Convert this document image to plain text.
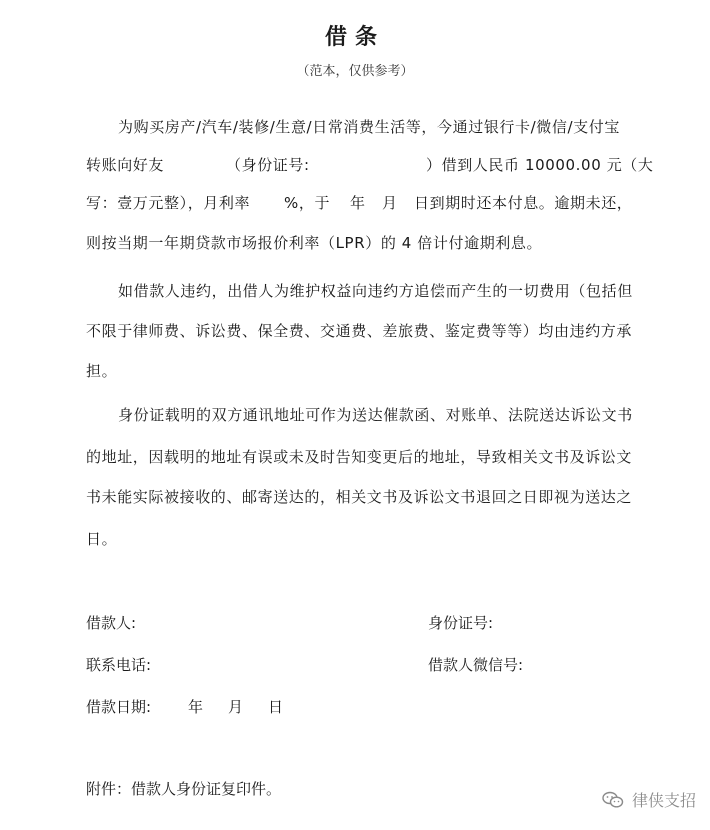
借条
（范本，仅供参考）
为购买房产/汽车/装修/生意/日常消费生活等，今通过银行卡/微信/支付宝
转账向好友	（身份证号:	）借到人民币 10000.00 元（大
写：壹万元整），月利率 %，于 年 月 日到期时还本付息。逾期未还，
则按当期一年期贷款市场报价利率（LPR）的 4 倍计付逾期利息。
如借款人违约，出借人为维护权益向违约方追偿而产生的一切费用（包括但
不限于律师费、诉讼费、保全费、交通费、差旅费、鉴定费等等）均由违约方承
担。
身份证载明的双方通讯地址可作为送达催款函、对账单、法院送达诉讼文书
的地址，因载明的地址有误或未及时告知变更后的地址，导致相关文书及诉讼文
书未能实际被接收的、邮寄送达的，相关文书及诉讼文书退回之日即视为送达之
日。
借款人:	身份证号:
联系电话:	借款人微信号:
借款日期: 年 月 日
附件：借款人身份证复印件。
律侠支招
